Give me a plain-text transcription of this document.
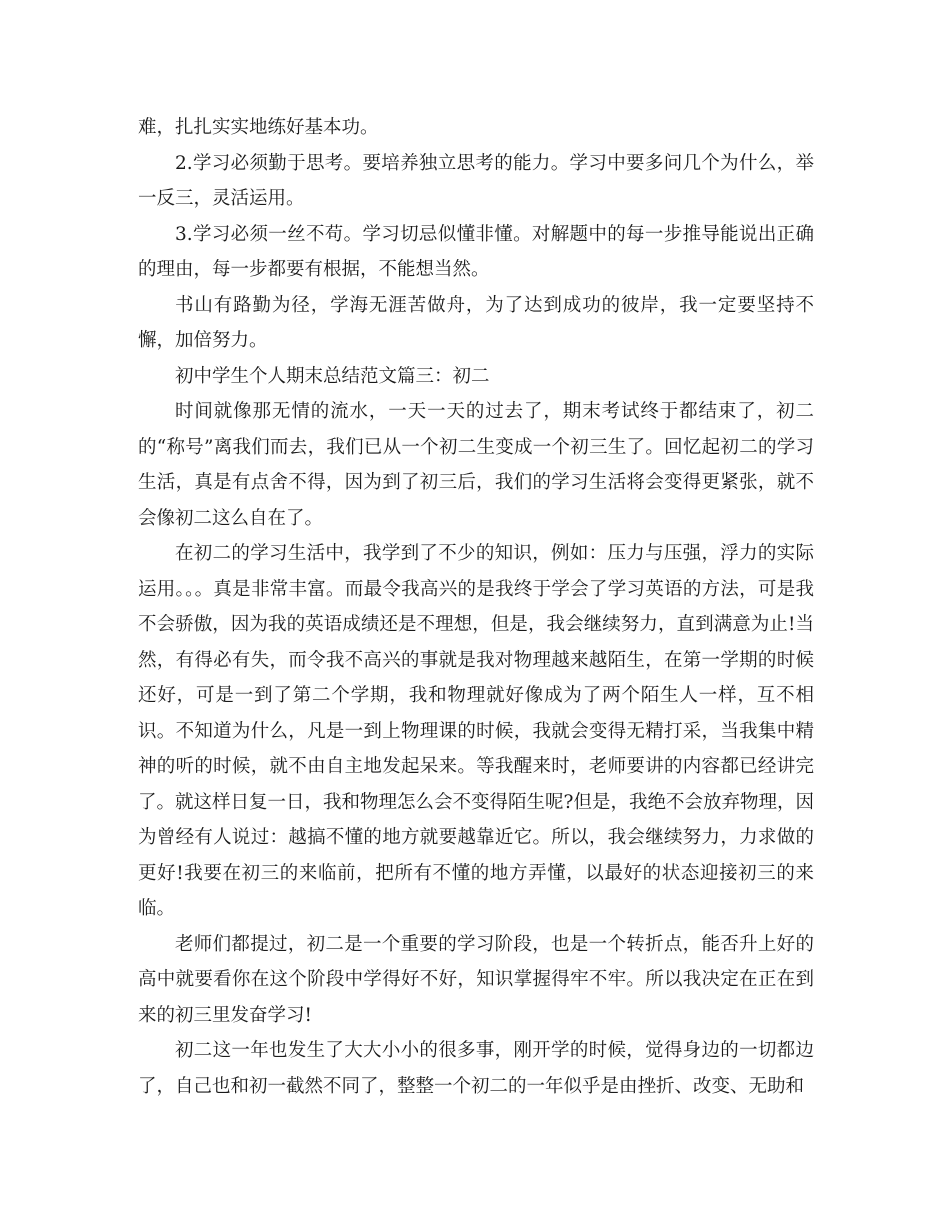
难，扎扎实实地练好基本功。

2.学习必须勤于思考。要培养独立思考的能力。学习中要多问几个为什么，举一反三，灵活运用。

3.学习必须一丝不苟。学习切忌似懂非懂。对解题中的每一步推导能说出正确的理由，每一步都要有根据，不能想当然。

书山有路勤为径，学海无涯苦做舟，为了达到成功的彼岸，我一定要坚持不懈，加倍努力。

初中学生个人期末总结范文篇三：初二

时间就像那无情的流水，一天一天的过去了，期末考试终于都结束了，初二的“称号”离我们而去，我们已从一个初二生变成一个初三生了。回忆起初二的学习生活，真是有点舍不得，因为到了初三后，我们的学习生活将会变得更紧张，就不会像初二这么自在了。

在初二的学习生活中，我学到了不少的知识，例如：压力与压强，浮力的实际运用。。。真是非常丰富。而最令我高兴的是我终于学会了学习英语的方法，可是我不会骄傲，因为我的英语成绩还是不理想，但是，我会继续努力，直到满意为止!当然，有得必有失，而令我不高兴的事就是我对物理越来越陌生，在第一学期的时候还好，可是一到了第二个学期，我和物理就好像成为了两个陌生人一样，互不相识。不知道为什么，凡是一到上物理课的时候，我就会变得无精打采，当我集中精神的听的时候，就不由自主地发起呆来。等我醒来时，老师要讲的内容都已经讲完了。就这样日复一日，我和物理怎么会不变得陌生呢?但是，我绝不会放弃物理，因为曾经有人说过：越搞不懂的地方就要越靠近它。所以，我会继续努力，力求做的更好!我要在初三的来临前，把所有不懂的地方弄懂，以最好的状态迎接初三的来临。

老师们都提过，初二是一个重要的学习阶段，也是一个转折点，能否升上好的高中就要看你在这个阶段中学得好不好，知识掌握得牢不牢。所以我决定在正在到来的初三里发奋学习!

初二这一年也发生了大大小小的很多事，刚开学的时候，觉得身边的一切都边了，自己也和初一截然不同了，整整一个初二的一年似乎是由挫折、改变、无助和
